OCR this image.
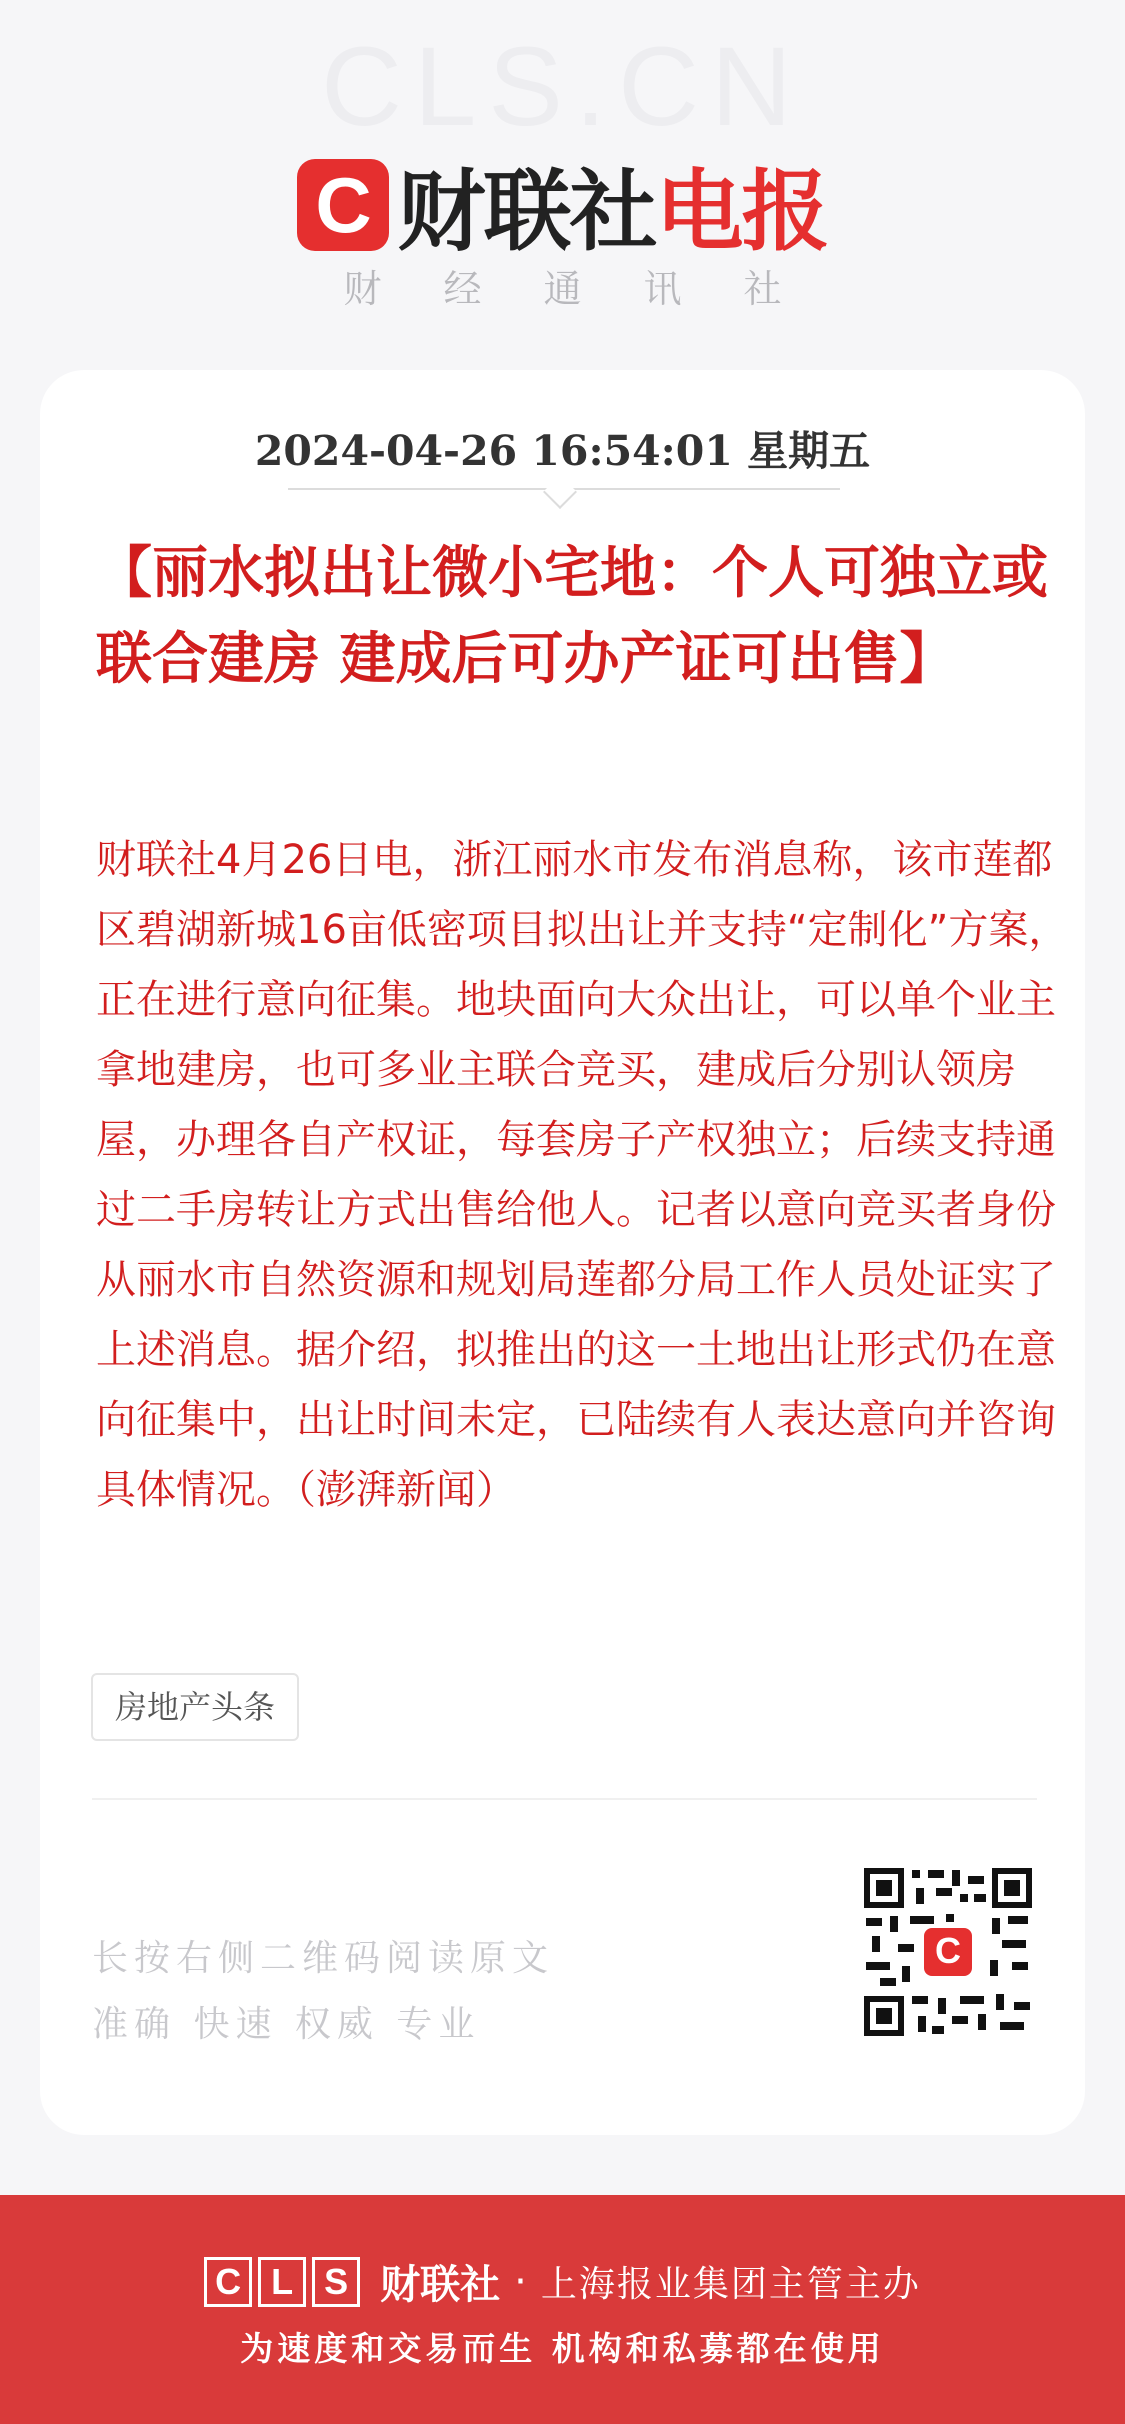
CLS.CN
C 财联社 电报
财经通讯社
2024-04-26 16:54:01 星期五
【丽水拟出让微小宅地：个人可独立或联合建房 建成后可办产证可出售】
财联社4月26日电，浙江丽水市发布消息称，该市莲都区碧湖新城16亩低密项目拟出让并支持“定制化”方案，正在进行意向征集。地块面向大众出让，可以单个业主拿地建房，也可多业主联合竞买，建成后分别认领房屋，办理各自产权证，每套房子产权独立；后续支持通过二手房转让方式出售给他人。记者以意向竞买者身份从丽水市自然资源和规划局莲都分局工作人员处证实了上述消息。据介绍，拟推出的这一土地出让形式仍在意向征集中，出让时间未定，已陆续有人表达意向并咨询具体情况。（澎湃新闻）
房地产头条
长按右侧二维码阅读原文
准确 快速 权威 专业
C
C L S 财联社 · 上海报业集团主管主办
为速度和交易而生 机构和私募都在使用
